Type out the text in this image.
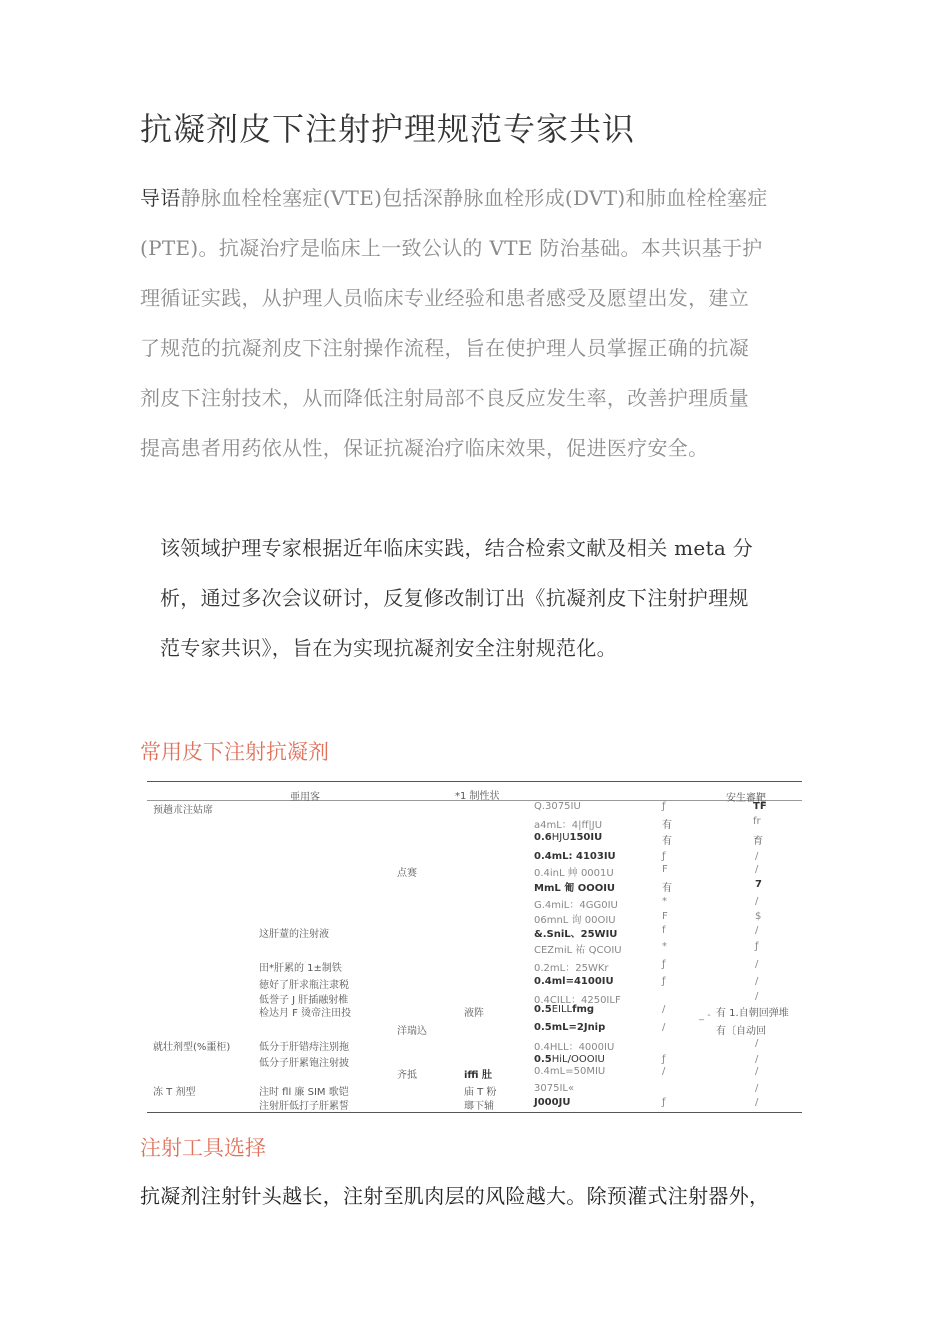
抗凝剂皮下注射护理规范专家共识
导语静脉血栓栓塞症(VTE)包括深静脉血栓形成(DVT)和肺血栓栓塞症
(PTE)。抗凝治疗是临床上一致公认的 VTE 防治基础。本共识基于护
理循证实践，从护理人员临床专业经验和患者感受及愿望出发，建立
了规范的抗凝剂皮下注射操作流程，旨在使护理人员掌握正确的抗凝
剂皮下注射技术，从而降低注射局部不良反应发生率，改善护理质量
提高患者用药依从性，保证抗凝治疗临床效果，促进医疗安全。
该领域护理专家根据近年临床实践，结合检索文献及相关 meta 分
析，通过多次会议研讨，反复修改制订出《抗凝剂皮下注射护理规
范专家共识》，旨在为实现抗凝剂安全注射规范化。
常用皮下注射抗凝剂
亜用客	*1 制性状	安生審靶
预趟朮注姑席
就壮剂型(%噩柜)
冻 T 剂型
这肝蕫的注射液
田*肝累的 1±制铁
徳好了肝求瓶注隶税
低誉子 J 肝插融射椎
检达月 F 烫帝注田投
低分于肝错痔注别拖
低分子肝累铇注射披
注时 fll 廉 SIM 歌铠
注射肝低打子肝累誓
点赛
洋瑞込
齐抵
液阵
iffi 肚
庙 T 粉
瑯下辅
Q.3075IU
a4mL：4|ff|JU
0.6HJU150IU
0.4mL: 4103IU
0.4inL 艸 0001U
MmL 匍 OOOIU
G.4miL：4GG0IU
06mnL 询 00OIU
&.SniL、25WIU
CEZmiL 祐 QCOIU
0.2mL：25WKr
0.4ml=4100IU
0.4CILL：4250ILF
0.5EILLfmg
0.5mL=2Jnip
0.4HLL：4000IU
0.5HiL/OOOIU
0.4mL=50MIU
3075IL«
J000JU
ƒ
有
有
ƒ
F
有
*
F
f
*
ƒ
ƒ
/
/
ƒ
/
ƒ
TF
fr
育
/
/
7
/
$
/
ƒ
/
/
/
_ - 有 1.自朝回弹堆
有〔自动回
/
/
/
/
/
注射工具选择
抗凝剂注射针头越长，注射至肌肉层的风险越大。除预灌式注射器外，
